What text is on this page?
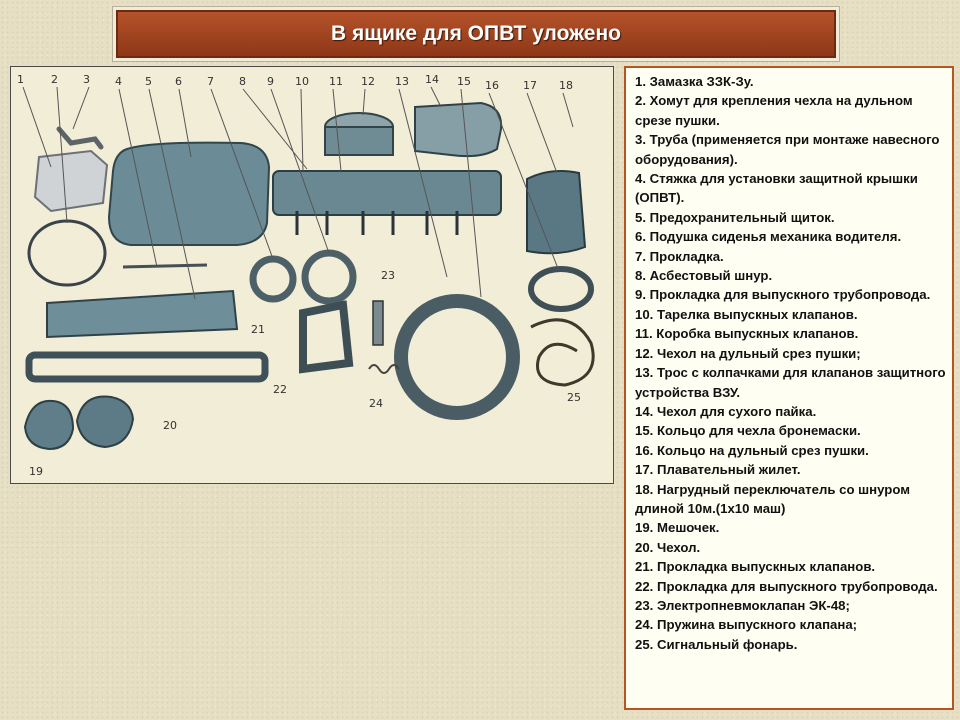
В ящике для ОПВТ уложено
1 2 3 4 5 6 7 8 9 10 11 12 13 14 15 16 17 18
19
20
21
22
23
24	25

1. Замазка ЗЗК-Зу.

2. Хомут для крепления чехла на дульном срезе пушки.

3. Труба (применяется при монтаже навесного оборудования).

4. Стяжка для установки защитной крышки (ОПВТ).

5. Предохранительный щиток.

6. Подушка сиденья механика водителя.

7. Прокладка.

8. Асбестовый шнур.

9. Прокладка для выпускного трубопровода.

10. Тарелка выпускных клапанов.

11. Коробка выпускных клапанов.

12. Чехол на дульный срез пушки;

13. Трос с колпачками для клапанов защитного устройства ВЗУ.

14. Чехол для сухого пайка.

15. Кольцо для чехла бронемаски.

16. Кольцо на дульный срез пушки.

17. Плавательный жилет.

18. Нагрудный переключатель со шнуром длиной 10м.(1х10 маш)

19. Мешочек.

20. Чехол.

21. Прокладка выпускных клапанов.

22. Прокладка для выпускного трубопровода.

23. Электропневмоклапан ЭК-48;

24. Пружина выпускного клапана;

25. Сигнальный фонарь.
